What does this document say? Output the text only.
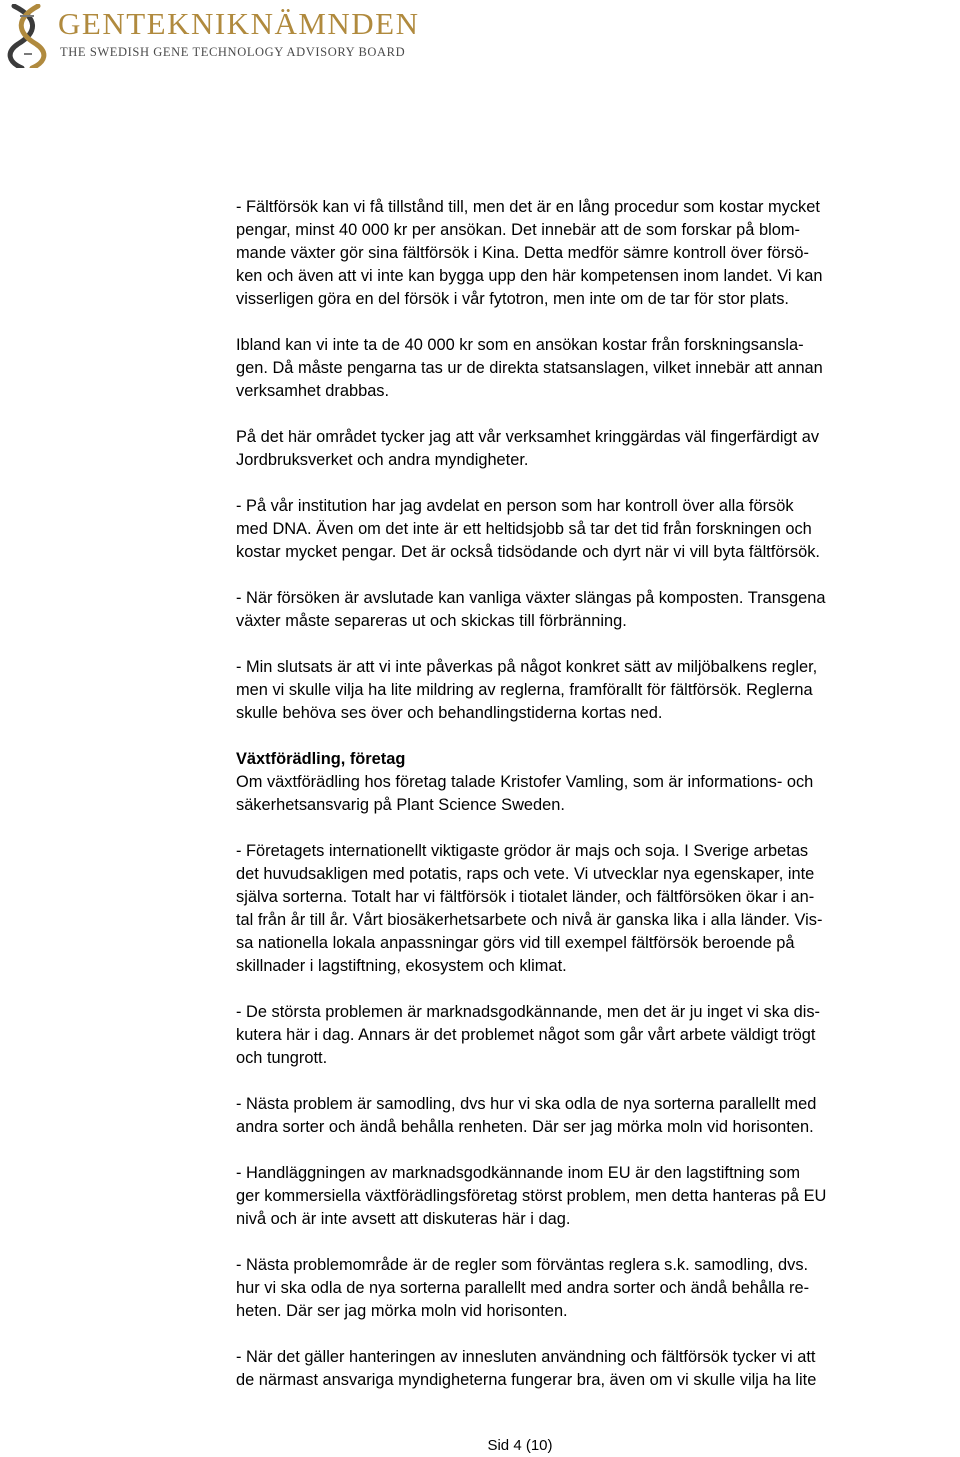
GENTEKNIKNÄMNDEN
THE SWEDISH GENE TECHNOLOGY ADVISORY BOARD
- Fältförsök kan vi få tillstånd till, men det är en lång procedur som kostar mycket
pengar, minst 40 000 kr per ansökan. Det innebär att de som forskar på blom-
mande växter gör sina fältförsök i Kina. Detta medför sämre kontroll över försö-
ken och även att vi inte kan bygga upp den här kompetensen inom landet. Vi kan
visserligen göra en del försök i vår fytotron, men inte om de tar för stor plats.
Ibland kan vi inte ta de 40 000 kr som en ansökan kostar från forskningsansla-
gen. Då måste pengarna tas ur de direkta statsanslagen, vilket innebär att annan
verksamhet drabbas.
På det här området tycker jag att vår verksamhet kringgärdas väl fingerfärdigt av
Jordbruksverket och andra myndigheter.
- På vår institution har jag avdelat en person som har kontroll över alla försök
med DNA. Även om det inte är ett heltidsjobb så tar det tid från forskningen och
kostar mycket pengar. Det är också tidsödande och dyrt när vi vill byta fältförsök.
- När försöken är avslutade kan vanliga växter slängas på komposten. Transgena
växter måste separeras ut och skickas till förbränning.
- Min slutsats är att vi inte påverkas på något konkret sätt av miljöbalkens regler,
men vi skulle vilja ha lite mildring av reglerna, framförallt för fältförsök. Reglerna
skulle behöva ses över och behandlingstiderna kortas ned.
Växtförädling, företag
Om växtförädling hos företag talade Kristofer Vamling, som är informations- och
säkerhetsansvarig på Plant Science Sweden.
- Företagets internationellt viktigaste grödor är majs och soja. I Sverige arbetas
det huvudsakligen med potatis, raps och vete. Vi utvecklar nya egenskaper, inte
själva sorterna. Totalt har vi fältförsök i tiotalet länder, och fältförsöken ökar i an-
tal från år till år. Vårt biosäkerhetsarbete och nivå är ganska lika i alla länder. Vis-
sa nationella lokala anpassningar görs vid till exempel fältförsök beroende på
skillnader i lagstiftning, ekosystem och klimat.
- De största problemen är marknadsgodkännande, men det är ju inget vi ska dis-
kutera här i dag. Annars är det problemet något som går vårt arbete väldigt trögt
och tungrott.
- Nästa problem är samodling, dvs hur vi ska odla de nya sorterna parallellt med
andra sorter och ändå behålla renheten. Där ser jag mörka moln vid horisonten.
- Handläggningen av marknadsgodkännande inom EU är den lagstiftning som
ger kommersiella växtförädlingsföretag störst problem, men detta hanteras på EU
nivå och är inte avsett att diskuteras här i dag.
- Nästa problemområde är de regler som förväntas reglera s.k. samodling, dvs.
hur vi ska odla de nya sorterna parallellt med andra sorter och ändå behålla re-
heten. Där ser jag mörka moln vid horisonten.
- När det gäller hanteringen av innesluten användning och fältförsök tycker vi att
de närmast ansvariga myndigheterna fungerar bra, även om vi skulle vilja ha lite
Sid 4 (10)
